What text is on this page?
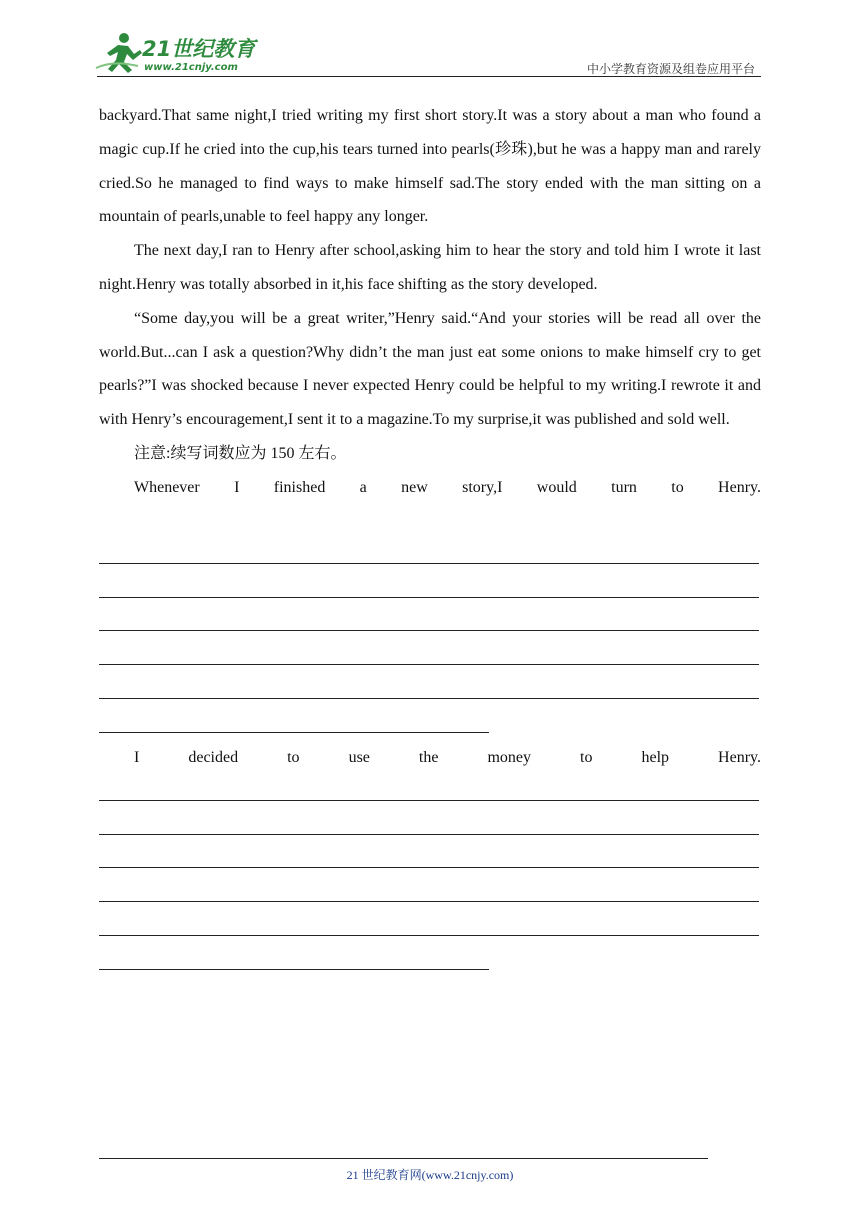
21世纪教育
www.21cnjy.com	中小学教育资源及组卷应用平台

backyard.That same night,I tried writing my first short story.It was a story about a man who found a magic cup.If he cried into the cup,his tears turned into pearls(珍珠),but he was a happy man and rarely cried.So he managed to find ways to make himself sad.The story ended with the man sitting on a mountain of pearls,unable to feel happy any longer.

The next day,I ran to Henry after school,asking him to hear the story and told him I wrote it last night.Henry was totally absorbed in it,his face shifting as the story developed.

“Some day,you will be a great writer,”Henry said.“And your stories will be read all over the world.But...can I ask a question?Why didn’t the man just eat some onions to make himself cry to get pearls?”I was shocked because I never expected Henry could be helpful to my writing.I rewrote it and with Henry’s encouragement,I sent it to a magazine.To my surprise,it was published and sold well.

注意:续写词数应为 150 左右。

Whenever I finished a new story,I would turn to Henry.

I decided to use the money to help Henry.

21 世纪教育网(www.21cnjy.com)
